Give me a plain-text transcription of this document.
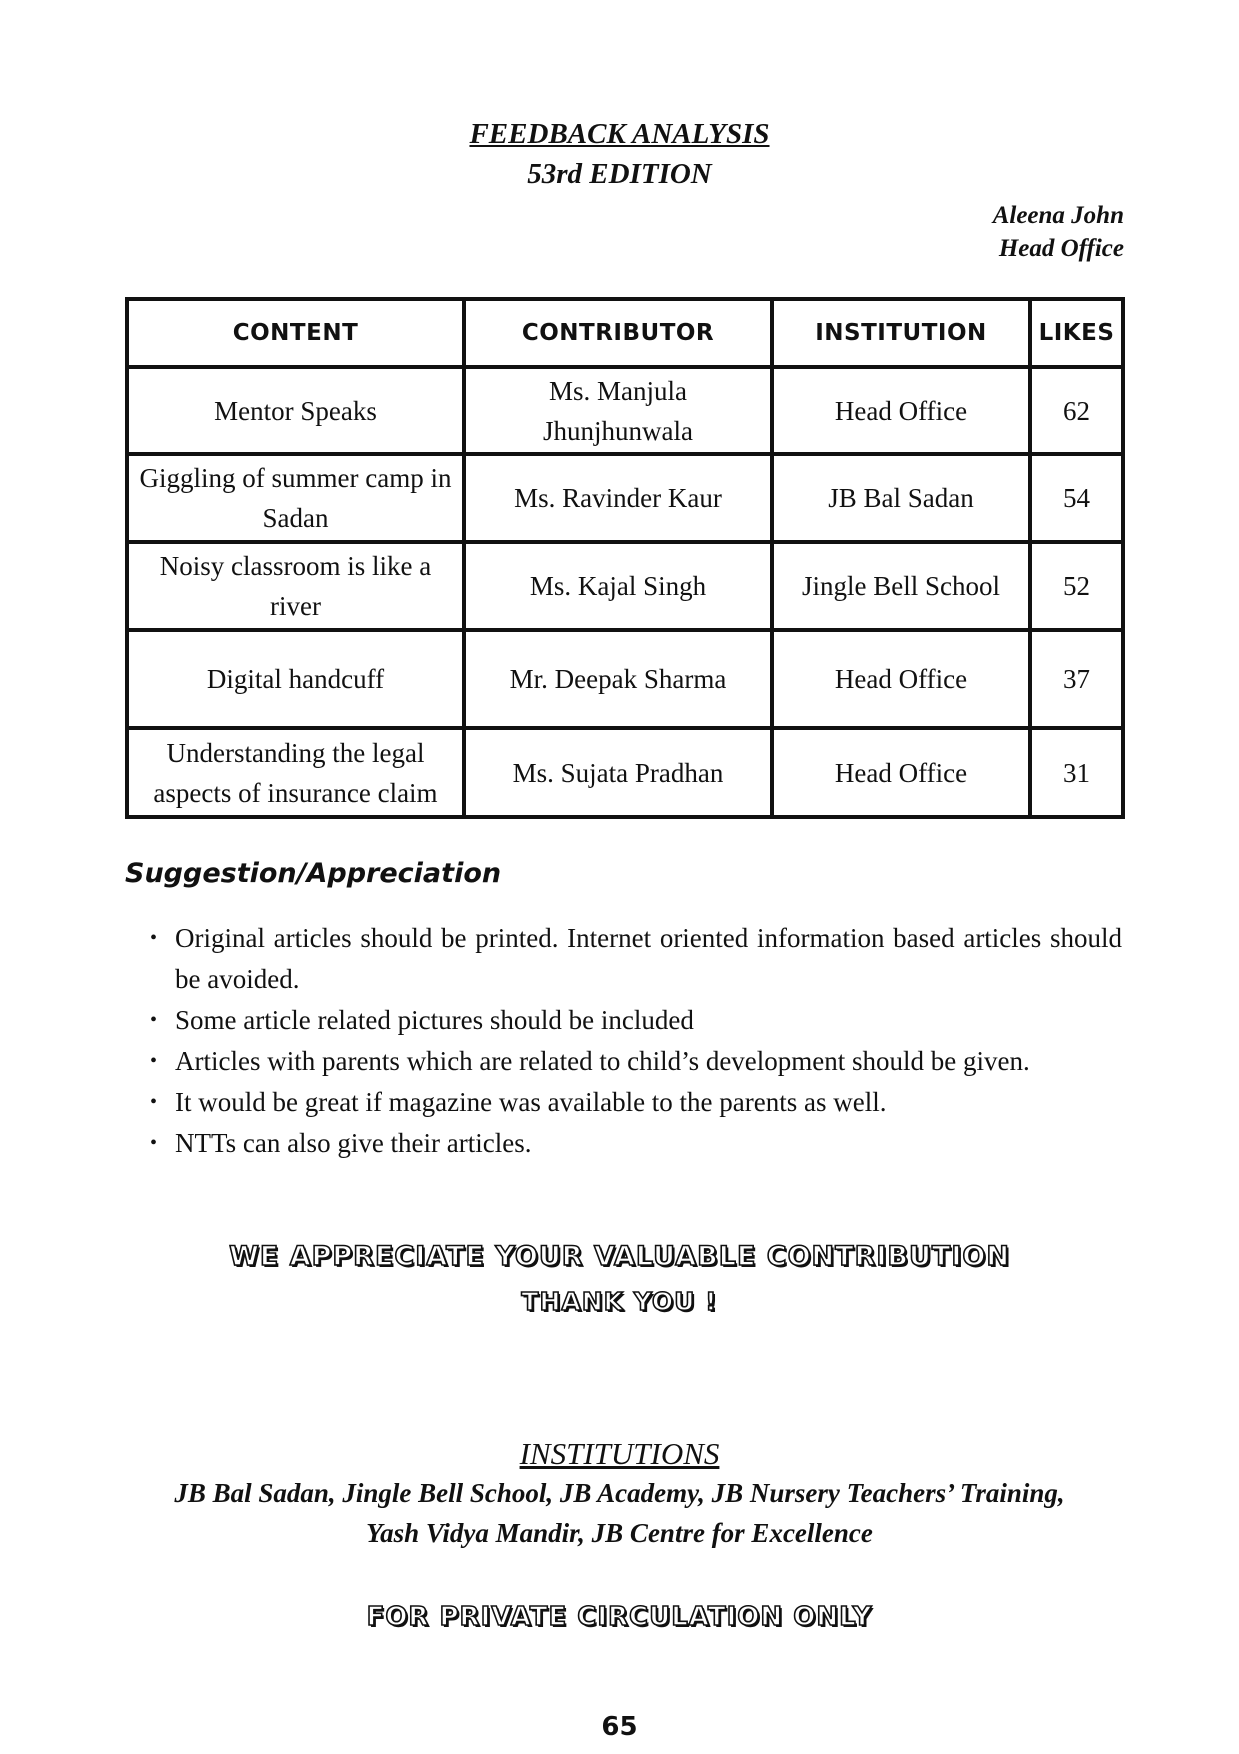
FEEDBACK ANALYSIS
53rd EDITION
Aleena John
Head Office
CONTENT	CONTRIBUTOR	INSTITUTION	LIKES
Mentor Speaks	Ms. Manjula Jhunjhunwala	Head Office	62
Giggling of summer camp in Sadan	Ms. Ravinder Kaur	JB Bal Sadan	54
Noisy classroom is like a river	Ms. Kajal Singh	Jingle Bell School	52
Digital handcuff	Mr. Deepak Sharma	Head Office	37
Understanding the legal aspects of insurance claim	Ms. Sujata Pradhan	Head Office	31
Suggestion/Appreciation
• Original articles should be printed. Internet oriented information based articles should be avoided.
• Some article related pictures should be included
• Articles with parents which are related to child’s development should be given.
• It would be great if magazine was available to the parents as well.
• NTTs can also give their articles.
WE APPRECIATE YOUR VALUABLE CONTRIBUTION
THANK YOU !
INSTITUTIONS
JB Bal Sadan, Jingle Bell School, JB Academy, JB Nursery Teachers’ Training,
Yash Vidya Mandir, JB Centre for Excellence
FOR PRIVATE CIRCULATION ONLY
65
